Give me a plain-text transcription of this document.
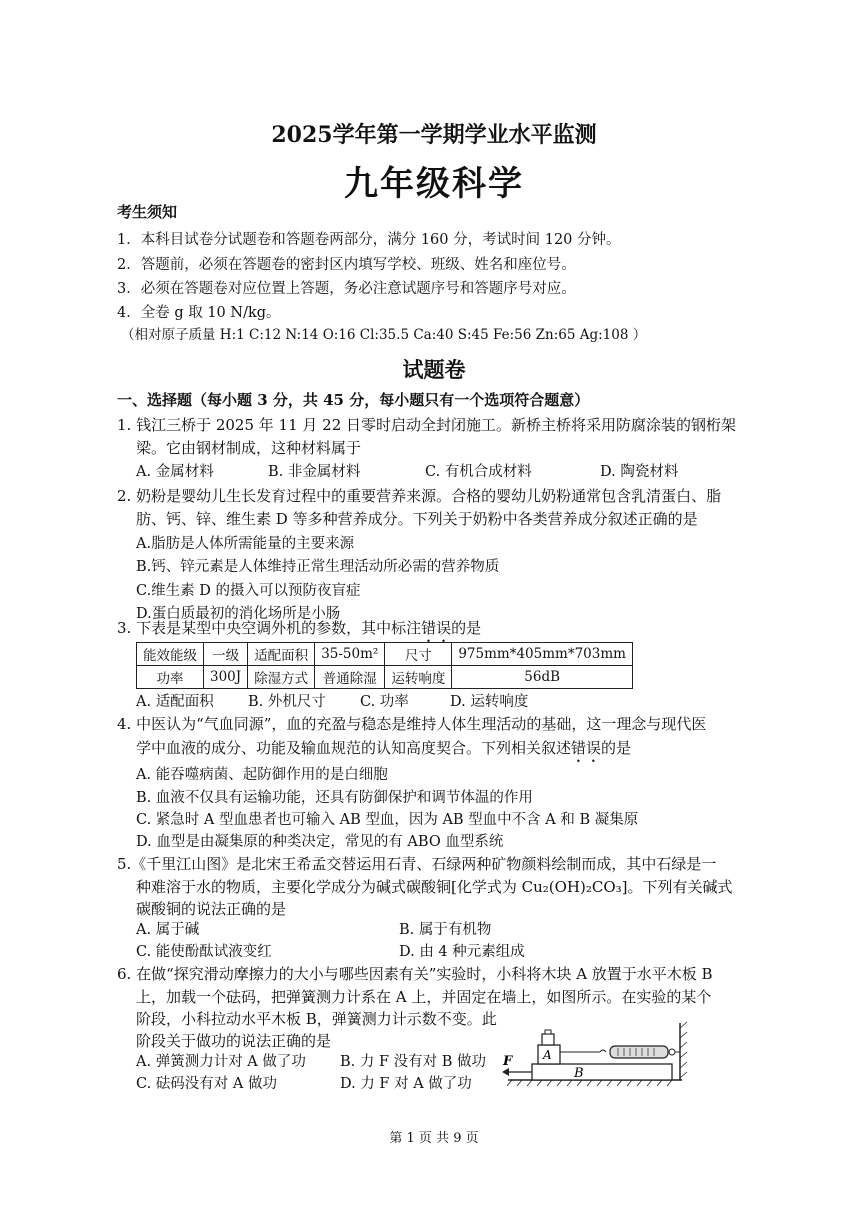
2025学年第一学期学业水平监测
九年级科学
考生须知
1．本科目试卷分试题卷和答题卷两部分，满分 160 分，考试时间 120 分钟。
2．答题前，必须在答题卷的密封区内填写学校、班级、姓名和座位号。
3．必须在答题卷对应位置上答题，务必注意试题序号和答题序号对应。
4．全卷 g 取 10 N/kg。
（相对原子质量 H:1 C:12 N:14 O:16 Cl:35.5 Ca:40 S:45 Fe:56 Zn:65 Ag:108 ）
试题卷
一、选择题（每小题 3 分，共 45 分，每小题只有一个选项符合题意）
1. 钱江三桥于 2025 年 11 月 22 日零时启动全封闭施工。新桥主桥将采用防腐涂装的钢桁架
梁。它由钢材制成，这种材料属于
A. 金属材料	B. 非金属材料	C. 有机合成材料	D. 陶瓷材料
2. 奶粉是婴幼儿生长发育过程中的重要营养来源。合格的婴幼儿奶粉通常包含乳清蛋白、脂
肪、钙、锌、维生素 D 等多种营养成分。下列关于奶粉中各类营养成分叙述正确的是
A.脂肪是人体所需能量的主要来源
B.钙、锌元素是人体维持正常生理活动所必需的营养物质
C.维生素 D 的摄入可以预防夜盲症
D.蛋白质最初的消化场所是小肠
3. 下表是某型中央空调外机的参数，其中标注错误的是
能效能级	一级	适配面积	35-50m²	尺寸	975mm*405mm*703mm
功率	300J	除湿方式	普通除湿	运转响度	56dB
A. 适配面积 B. 外机尺寸 C. 功率	D. 运转响度
4. 中医认为“气血同源”，血的充盈与稳态是维持人体生理活动的基础，这一理念与现代医
学中血液的成分、功能及输血规范的认知高度契合。下列相关叙述错误的是
A. 能吞噬病菌、起防御作用的是白细胞
B. 血液不仅具有运输功能，还具有防御保护和调节体温的作用
C. 紧急时 A 型血患者也可输入 AB 型血，因为 AB 型血中不含 A 和 B 凝集原
D. 血型是由凝集原的种类决定，常见的有 ABO 血型系统
5.《千里江山图》是北宋王希孟交替运用石青、石绿两种矿物颜料绘制而成，其中石绿是一
种难溶于水的物质，主要化学成分为碱式碳酸铜[化学式为 Cu₂(OH)₂CO₃]。下列有关碱式
碳酸铜的说法正确的是
A. 属于碱	B. 属于有机物
C. 能使酚酞试液变红	D. 由 4 种元素组成
6. 在做“探究滑动摩擦力的大小与哪些因素有关”实验时，小科将木块 A 放置于水平木板 B
上，加载一个砝码，把弹簧测力计系在 A 上，并固定在墙上，如图所示。在实验的某个
阶段，小科拉动水平木板 B，弹簧测力计示数不变。此
阶段关于做功的说法正确的是
A. 弹簧测力计对 A 做了功 B. 力 F 没有对 B 做功
C. 砝码没有对 A 做功	D. 力 F 对 A 做了功
B
A
F
第 1 页 共 9 页
